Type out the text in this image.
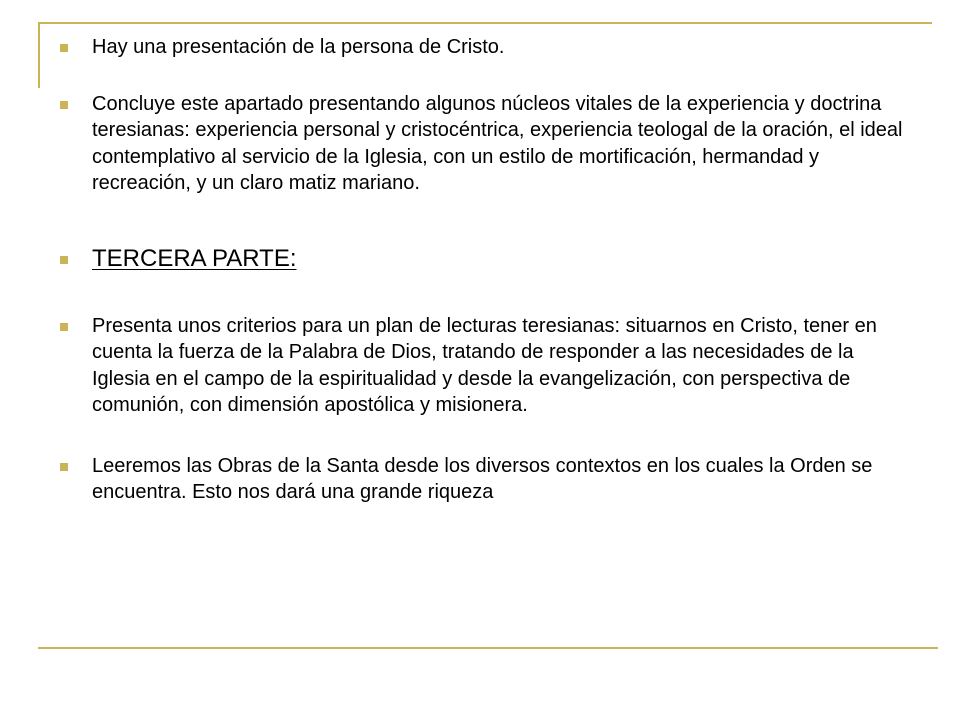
Hay una presentación de la persona de Cristo.
Concluye este apartado presentando algunos núcleos vitales de la experiencia y doctrina teresianas: experiencia personal y cristocéntrica, experiencia teologal de la oración, el ideal contemplativo al servicio de la Iglesia, con un estilo de mortificación, hermandad y recreación, y un claro matiz mariano.
TERCERA PARTE:
Presenta unos criterios para un plan de lecturas teresianas: situarnos en Cristo, tener en cuenta la fuerza de la Palabra de Dios, tratando de responder a las necesidades de la Iglesia en el campo de la espiritualidad y desde la evangelización, con perspectiva de comunión, con dimensión apostólica y misionera.
Leeremos las Obras de la Santa desde los diversos contextos en los cuales la Orden se encuentra. Esto nos dará una grande riqueza
